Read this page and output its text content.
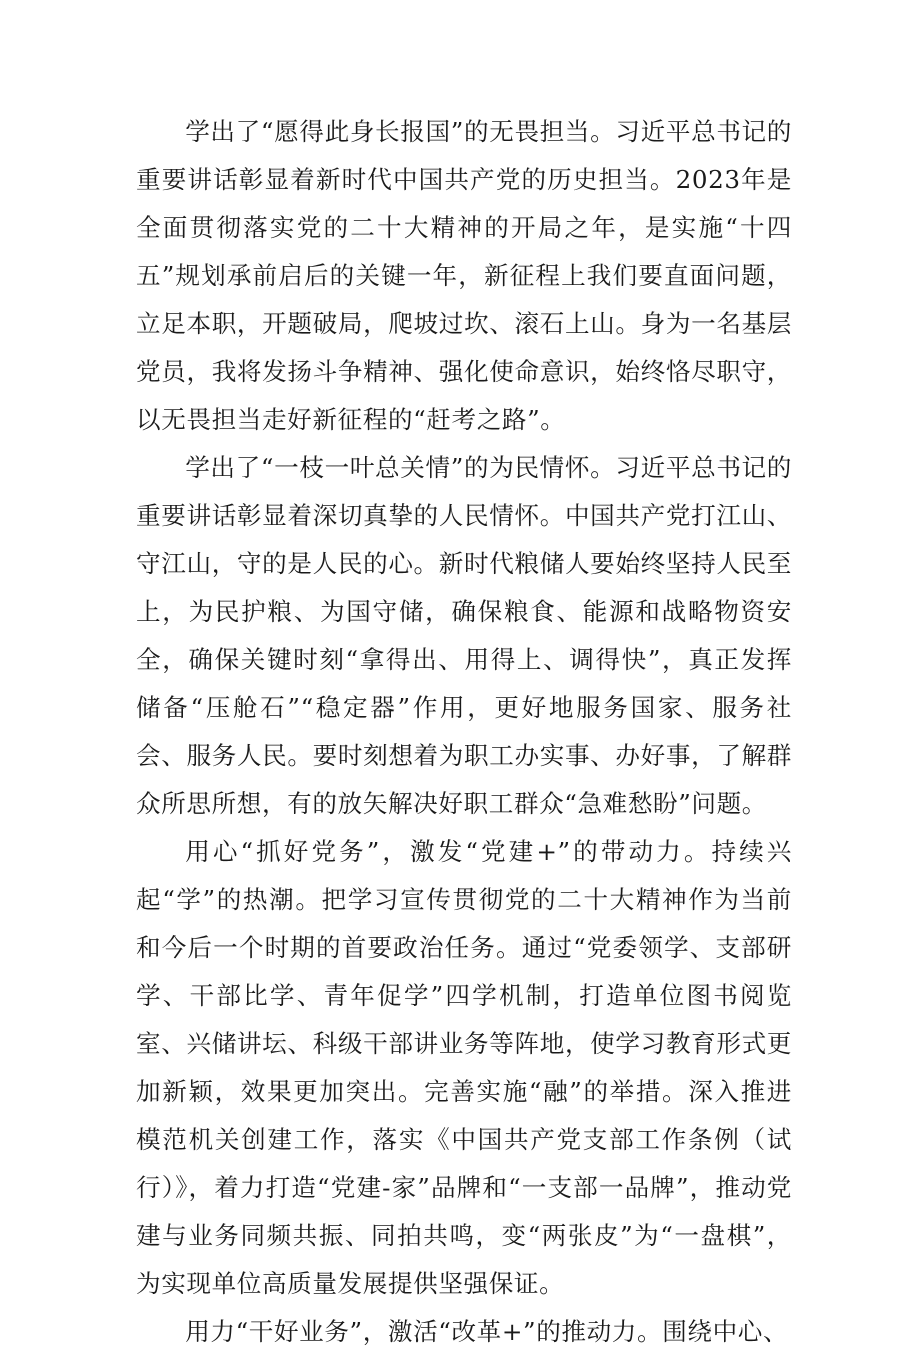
学出了“愿得此身长报国”的无畏担当。习近平总书记的重要讲话彰显着新时代中国共产党的历史担当。2023年是全面贯彻落实党的二十大精神的开局之年，是实施“十四五”规划承前启后的关键一年，新征程上我们要直面问题，立足本职，开题破局，爬坡过坎、滚石上山。身为一名基层党员，我将发扬斗争精神、强化使命意识，始终恪尽职守，以无畏担当走好新征程的“赶考之路”。

学出了“一枝一叶总关情”的为民情怀。习近平总书记的重要讲话彰显着深切真挚的人民情怀。中国共产党打江山、守江山，守的是人民的心。新时代粮储人要始终坚持人民至上，为民护粮、为国守储，确保粮食、能源和战略物资安全，确保关键时刻“拿得出、用得上、调得快”，真正发挥储备“压舱石”“稳定器”作用，更好地服务国家、服务社会、服务人民。要时刻想着为职工办实事、办好事，了解群众所思所想，有的放矢解决好职工群众“急难愁盼”问题。

用心“抓好党务”，激发“党建+”的带动力。持续兴起“学”的热潮。把学习宣传贯彻党的二十大精神作为当前和今后一个时期的首要政治任务。通过“党委领学、支部研学、干部比学、青年促学”四学机制，打造单位图书阅览室、兴储讲坛、科级干部讲业务等阵地，使学习教育形式更加新颖，效果更加突出。完善实施“融”的举措。深入推进模范机关创建工作，落实《中国共产党支部工作条例（试行）》，着力打造“党建-家”品牌和“一支部一品牌”，推动党建与业务同频共振、同拍共鸣，变“两张皮”为“一盘棋”，为实现单位高质量发展提供坚强保证。

用力“干好业务”，激活“改革+”的推动力。围绕中心、
